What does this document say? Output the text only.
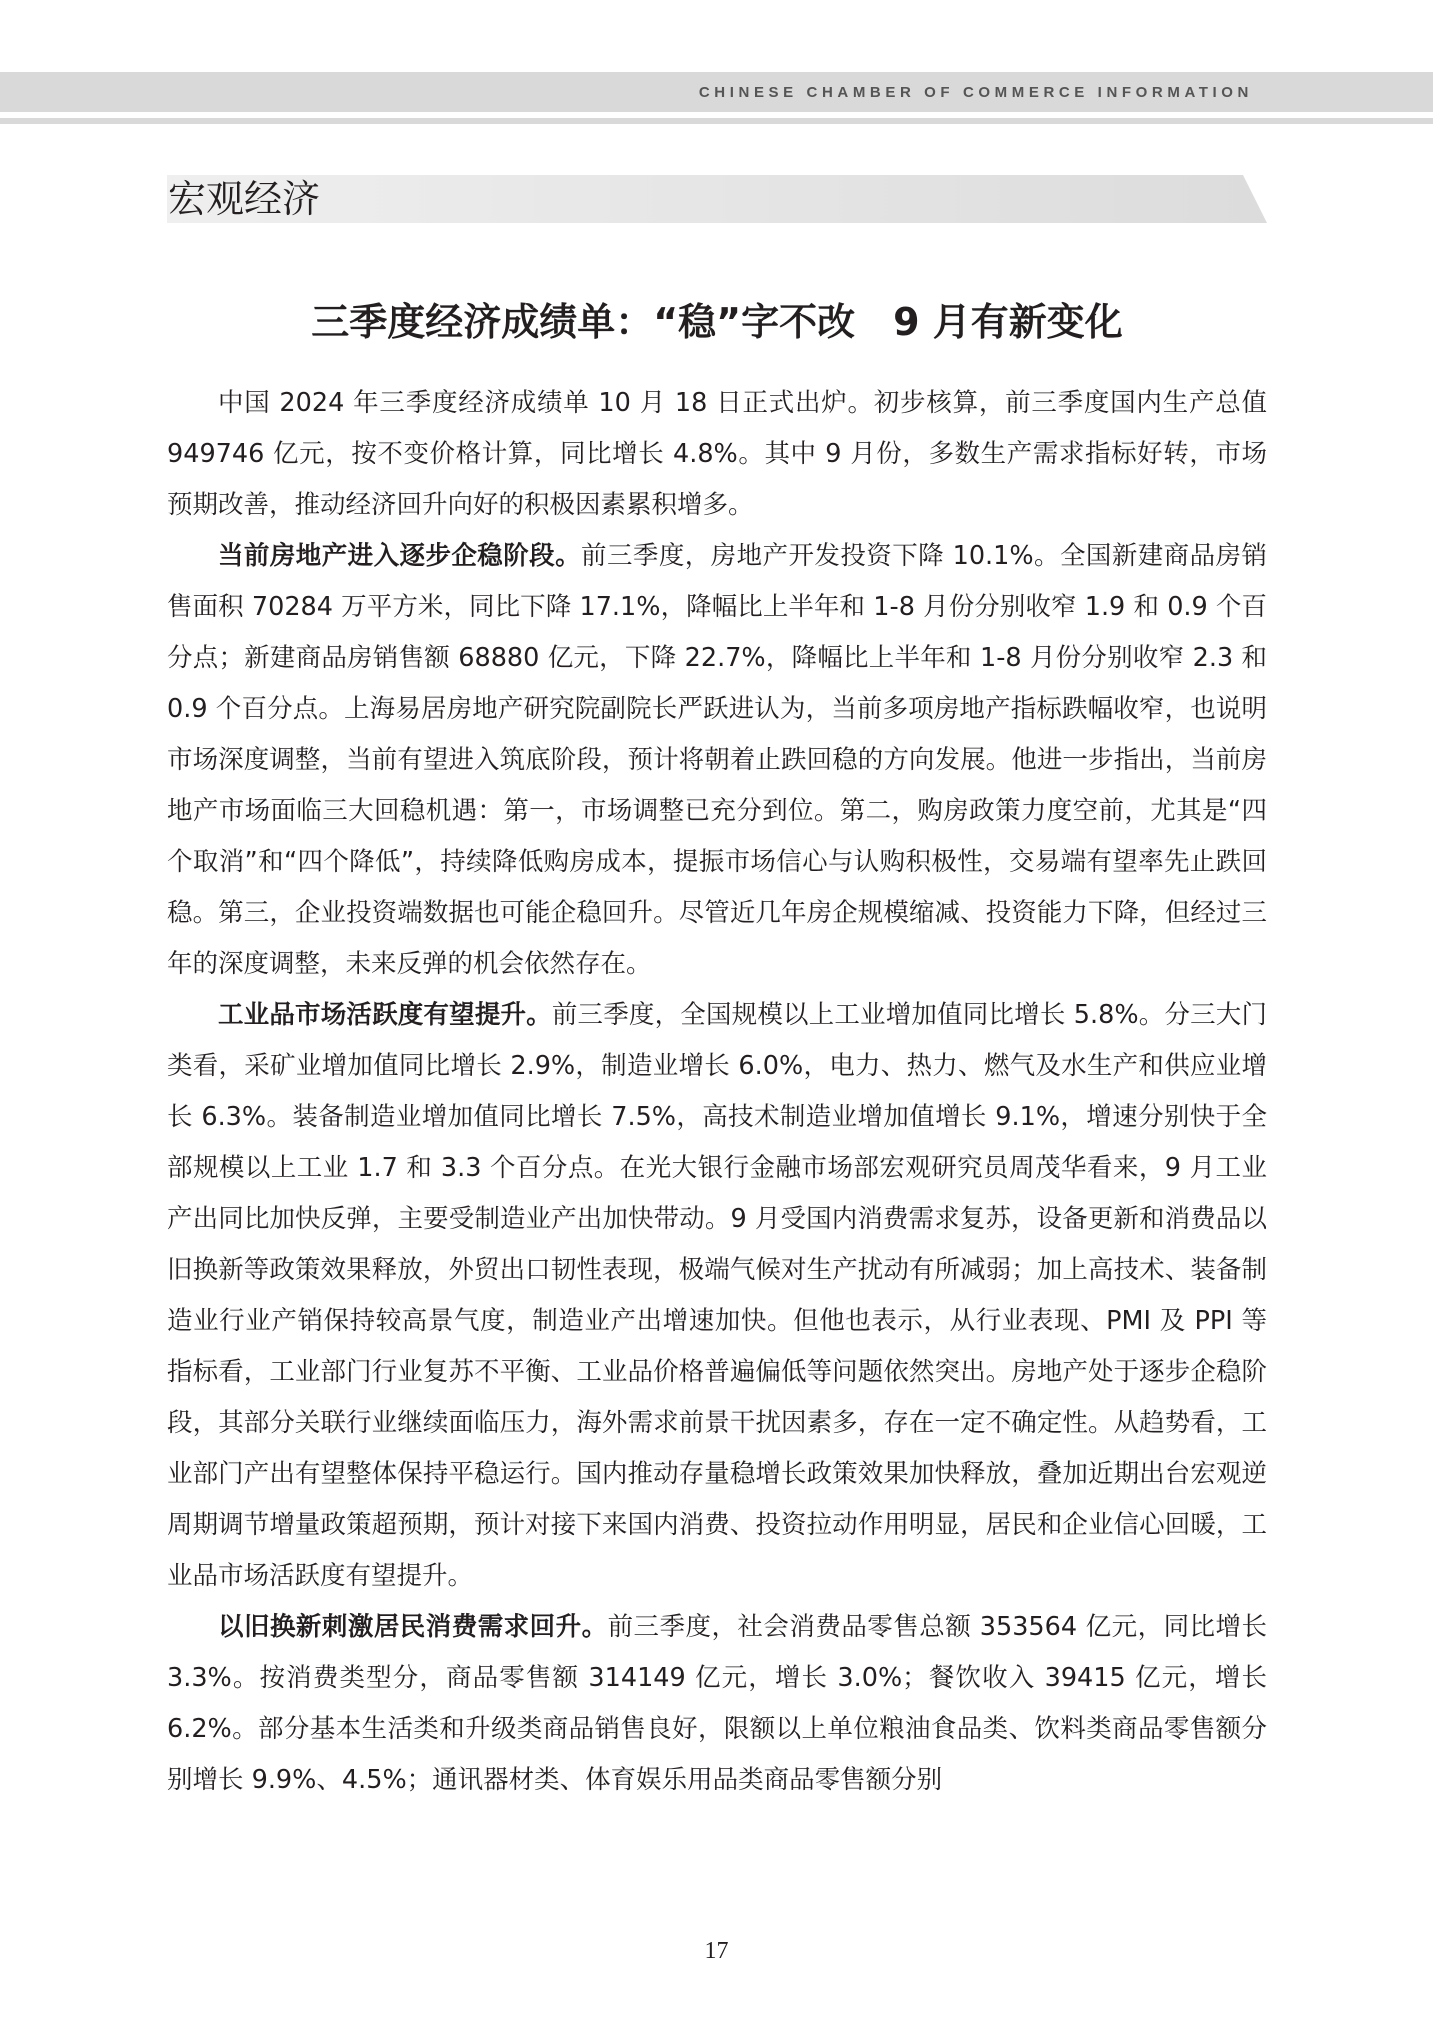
CHINESE CHAMBER OF COMMERCE INFORMATION
宏观经济
三季度经济成绩单：“稳”字不改　9 月有新变化

中国 2024 年三季度经济成绩单 10 月 18 日正式出炉。初步核算，前三季度国内生产总值 949746 亿元，按不变价格计算，同比增长 4.8%。其中 9 月份，多数生产需求指标好转，市场预期改善，推动经济回升向好的积极因素累积增多。

当前房地产进入逐步企稳阶段。前三季度，房地产开发投资下降 10.1%。全国新建商品房销售面积 70284 万平方米，同比下降 17.1%，降幅比上半年和 1-8 月份分别收窄 1.9 和 0.9 个百分点；新建商品房销售额 68880 亿元，下降 22.7%，降幅比上半年和 1-8 月份分别收窄 2.3 和 0.9 个百分点。上海易居房地产研究院副院长严跃进认为，当前多项房地产指标跌幅收窄，也说明市场深度调整，当前有望进入筑底阶段，预计将朝着止跌回稳的方向发展。他进一步指出，当前房地产市场面临三大回稳机遇：第一，市场调整已充分到位。第二，购房政策力度空前，尤其是“四个取消”和“四个降低”，持续降低购房成本，提振市场信心与认购积极性，交易端有望率先止跌回稳。第三，企业投资端数据也可能企稳回升。尽管近几年房企规模缩减、投资能力下降，但经过三年的深度调整，未来反弹的机会依然存在。

工业品市场活跃度有望提升。前三季度，全国规模以上工业增加值同比增长 5.8%。分三大门类看，采矿业增加值同比增长 2.9%，制造业增长 6.0%，电力、热力、燃气及水生产和供应业增长 6.3%。装备制造业增加值同比增长 7.5%，高技术制造业增加值增长 9.1%，增速分别快于全部规模以上工业 1.7 和 3.3 个百分点。在光大银行金融市场部宏观研究员周茂华看来，9 月工业产出同比加快反弹，主要受制造业产出加快带动。9 月受国内消费需求复苏，设备更新和消费品以旧换新等政策效果释放，外贸出口韧性表现，极端气候对生产扰动有所减弱；加上高技术、装备制造业行业产销保持较高景气度，制造业产出增速加快。但他也表示，从行业表现、PMI 及 PPI 等指标看，工业部门行业复苏不平衡、工业品价格普遍偏低等问题依然突出。房地产处于逐步企稳阶段，其部分关联行业继续面临压力，海外需求前景干扰因素多，存在一定不确定性。从趋势看，工业部门产出有望整体保持平稳运行。国内推动存量稳增长政策效果加快释放，叠加近期出台宏观逆周期调节增量政策超预期，预计对接下来国内消费、投资拉动作用明显，居民和企业信心回暖，工业品市场活跃度有望提升。

以旧换新刺激居民消费需求回升。前三季度，社会消费品零售总额 353564 亿元，同比增长 3.3%。按消费类型分，商品零售额 314149 亿元，增长 3.0%；餐饮收入 39415 亿元，增长 6.2%。部分基本生活类和升级类商品销售良好，限额以上单位粮油食品类、饮料类商品零售额分别增长 9.9%、4.5%；通讯器材类、体育娱乐用品类商品零售额分别

17
